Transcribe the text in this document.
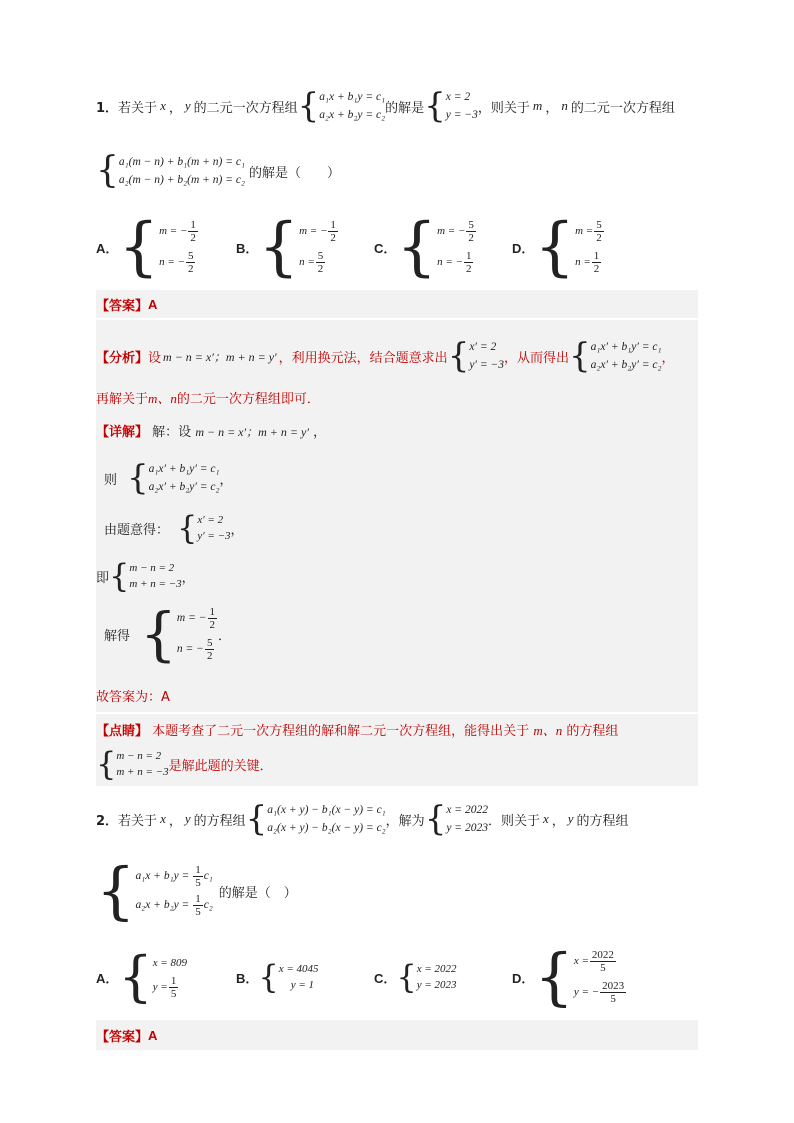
1． 若关于 x ， y 的二元一次方程组 { a₁x + b₁y = c₁
a₂x + b₂y = c₂ 的解是 { x = 2
y = −3 ，则关于 m ， n 的二元一次方程组
{ a₁(m − n) + b₁(m + n) = c₁
a₂(m − n) + b₂(m + n) = c₂ 的解是（　　）
A． { m = − $\frac{1}{2}$
n = − $\frac{5}{2}$
B． { m = − $\frac{1}{2}$
$n = \frac{5}{2}$
C． { m = − $\frac{5}{2}$
n = − $\frac{1}{2}$
D． { $m = \frac{5}{2}$
$n = \frac{1}{2}$
【答案】 A
【分析】 设 m − n = x′；m + n = y′ ，利用换元法，结合题意求出 { x′ = 2
y′ = −3 ，从而得出 { a₁x′ + b₁y′ = c₁
a₂x′ + b₂y′ = c₂ ，
再解关于m、n的二元一次方程组即可．
【详解】 解：设 m − n = x′；m + n = y′ ，
则 { a₁x′ + b₁y′ = c₁
a₂x′ + b₂y′ = c₂ ，
由题意得： { x′ = 2
y′ = −3 ，
即 { m − n = 2
m + n = −3 ，
解得 { m = − $\frac{1}{2}$
n = − $\frac{5}{2}$
．
故答案为：A
【点睛】 本题考查了二元一次方程组的解和解二元一次方程组，能得出关于 m、n 的方程组
{ m − n = 2
m + n = −3 是解此题的关键．
2． 若关于 x ， y 的方程组 { a₁(x + y) − b₁(x − y) = c₁
a₂(x + y) − b₂(x − y) = c₂ ，解为 { x = 2022
y = 2023 ．则关于 x ， y 的方程组
{ $a_1x + b_1y = \frac{1}{5} c_1$
$a_2x + b_2y = \frac{1}{5} c_2$
的解是（　）
A． { x = 809
$y = \frac{1}{5}$	B． { x = 4045
y = 1	C． { x = 2022
y = 2023	D． { $x = \frac{2022}{5}$
y = − $\frac{2023}{5}$
【答案】 A
